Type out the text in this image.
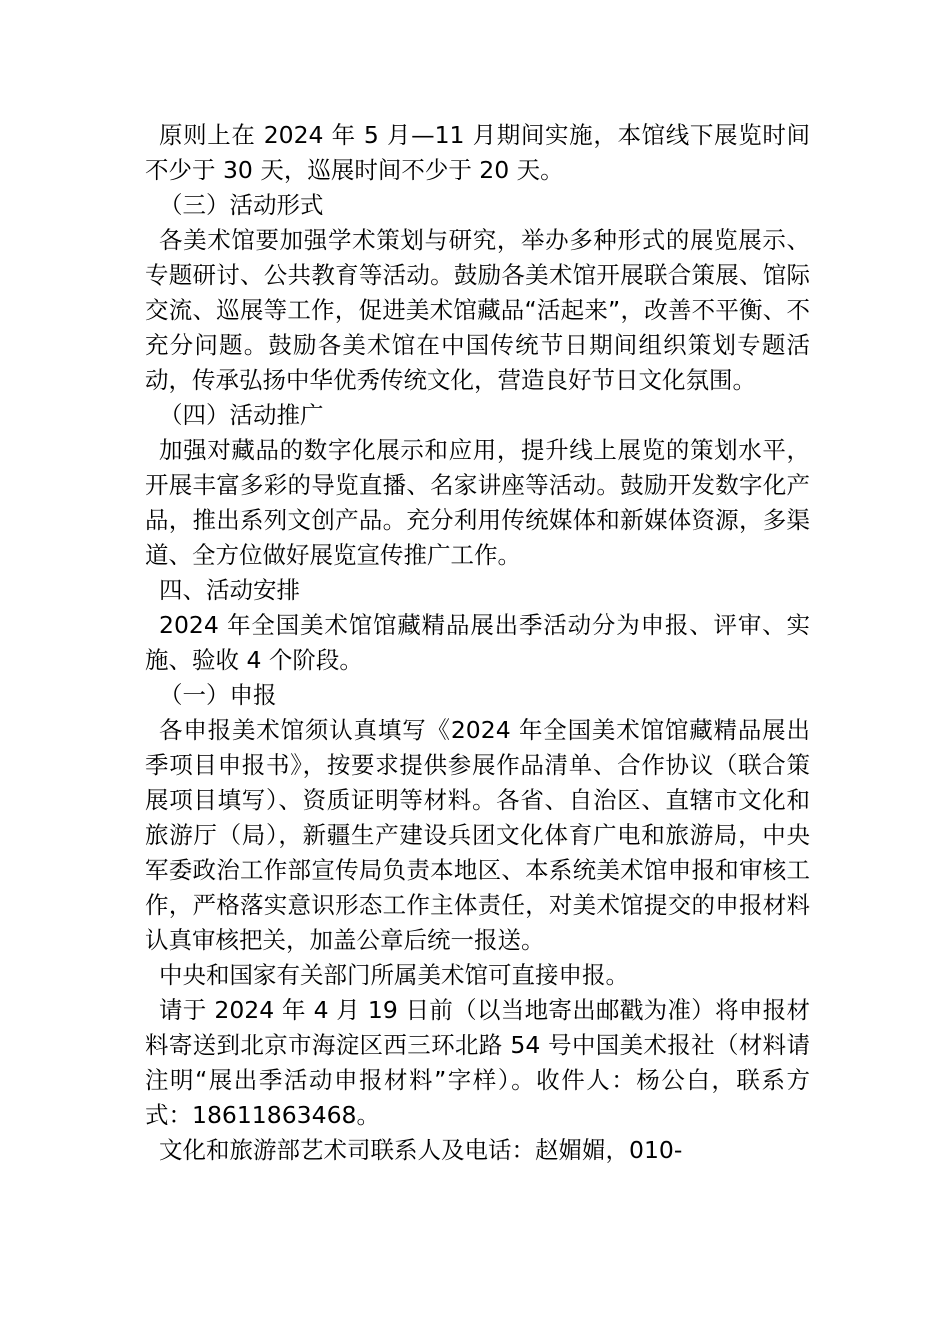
原则上在 2024 年 5 月—11 月期间实施，本馆线下展览时间不少于 30 天，巡展时间不少于 20 天。

（三）活动形式

各美术馆要加强学术策划与研究，举办多种形式的展览展示、专题研讨、公共教育等活动。鼓励各美术馆开展联合策展、馆际交流、巡展等工作，促进美术馆藏品“活起来”，改善不平衡、不充分问题。鼓励各美术馆在中国传统节日期间组织策划专题活动，传承弘扬中华优秀传统文化，营造良好节日文化氛围。

（四）活动推广

加强对藏品的数字化展示和应用，提升线上展览的策划水平，开展丰富多彩的导览直播、名家讲座等活动。鼓励开发数字化产品，推出系列文创产品。充分利用传统媒体和新媒体资源，多渠道、全方位做好展览宣传推广工作。

四、活动安排

2024 年全国美术馆馆藏精品展出季活动分为申报、评审、实施、验收 4 个阶段。

（一）申报

各申报美术馆须认真填写《2024 年全国美术馆馆藏精品展出季项目申报书》，按要求提供参展作品清单、合作协议（联合策展项目填写）、资质证明等材料。各省、自治区、直辖市文化和旅游厅（局），新疆生产建设兵团文化体育广电和旅游局，中央军委政治工作部宣传局负责本地区、本系统美术馆申报和审核工作，严格落实意识形态工作主体责任，对美术馆提交的申报材料认真审核把关，加盖公章后统一报送。

中央和国家有关部门所属美术馆可直接申报。

请于 2024 年 4 月 19 日前（以当地寄出邮戳为准）将申报材料寄送到北京市海淀区西三环北路 54 号中国美术报社（材料请注明“展出季活动申报材料”字样）。收件人：杨公白，联系方式：18611863468。

文化和旅游部艺术司联系人及电话：赵媚媚，010-
